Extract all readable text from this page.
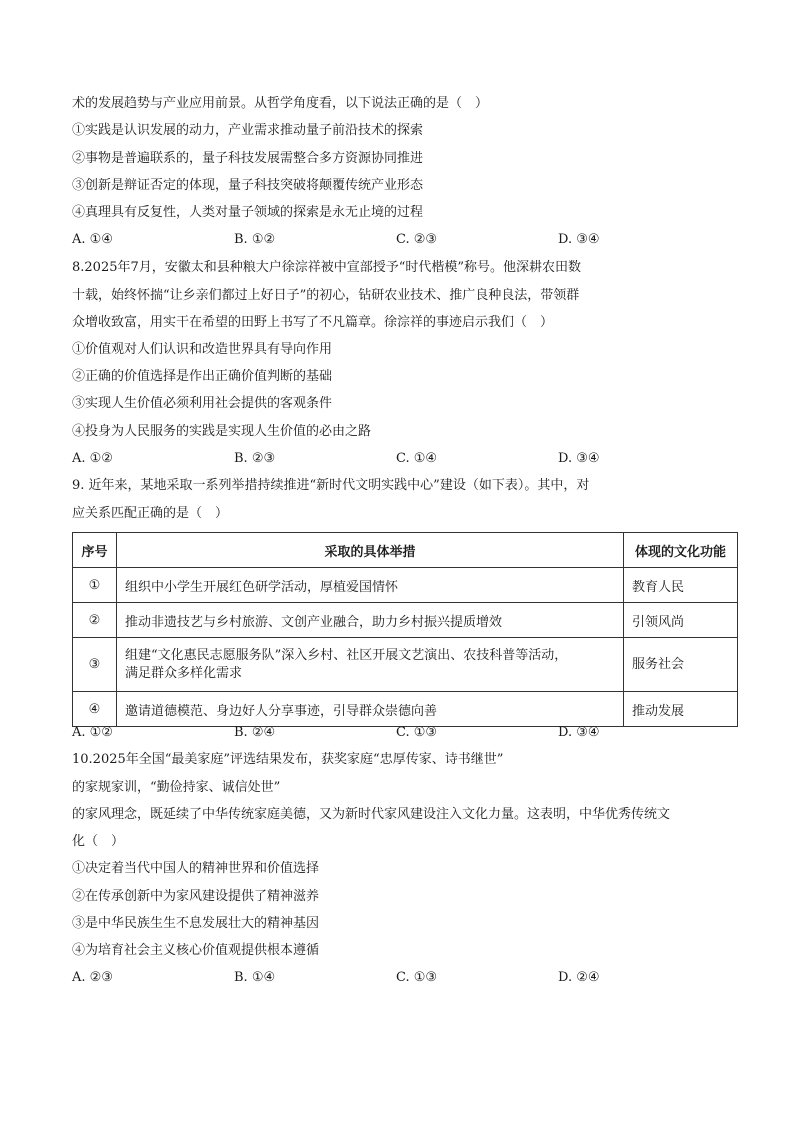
术的发展趋势与产业应用前景。从哲学角度看，以下说法正确的是（　）
①实践是认识发展的动力，产业需求推动量子前沿技术的探索
②事物是普遍联系的，量子科技发展需整合多方资源协同推进
③创新是辩证否定的体现，量子科技突破将颠覆传统产业形态
④真理具有反复性，人类对量子领域的探索是永无止境的过程
A. ①④	B. ①②	C. ②③	D. ③④
8.2025年7月，安徽太和县种粮大户徐淙祥被中宣部授予“时代楷模”称号。他深耕农田数
十载，始终怀揣“让乡亲们都过上好日子”的初心，钻研农业技术、推广良种良法，带领群
众增收致富，用实干在希望的田野上书写了不凡篇章。徐淙祥的事迹启示我们（　）
①价值观对人们认识和改造世界具有导向作用
②正确的价值选择是作出正确价值判断的基础
③实现人生价值必须利用社会提供的客观条件
④投身为人民服务的实践是实现人生价值的必由之路
A. ①②	B. ②③	C. ①④	D. ③④
9. 近年来，某地采取一系列举措持续推进“新时代文明实践中心”建设（如下表）。其中，对
应关系匹配正确的是（　）
序号	采取的具体举措	体现的文化功能
①	组织中小学生开展红色研学活动，厚植爱国情怀	教育人民
②	推动非遗技艺与乡村旅游、文创产业融合，助力乡村振兴提质增效	引领风尚
③	组建“文化惠民志愿服务队”深入乡村、社区开展文艺演出、农技科普等活动，
满足群众多样化需求	服务社会
④	邀请道德模范、身边好人分享事迹，引导群众崇德向善	推动发展
A. ①②	B. ②④	C. ①③	D. ③④
10.2025年全国“最美家庭”评选结果发布，获奖家庭“忠厚传家、诗书继世”
的家规家训，“勤俭持家、诚信处世”
的家风理念，既延续了中华传统家庭美德，又为新时代家风建设注入文化力量。这表明，中华优秀传统文
化（　）
①决定着当代中国人的精神世界和价值选择
②在传承创新中为家风建设提供了精神滋养
③是中华民族生生不息发展壮大的精神基因
④为培育社会主义核心价值观提供根本遵循
A. ②③	B. ①④	C. ①③	D. ②④
